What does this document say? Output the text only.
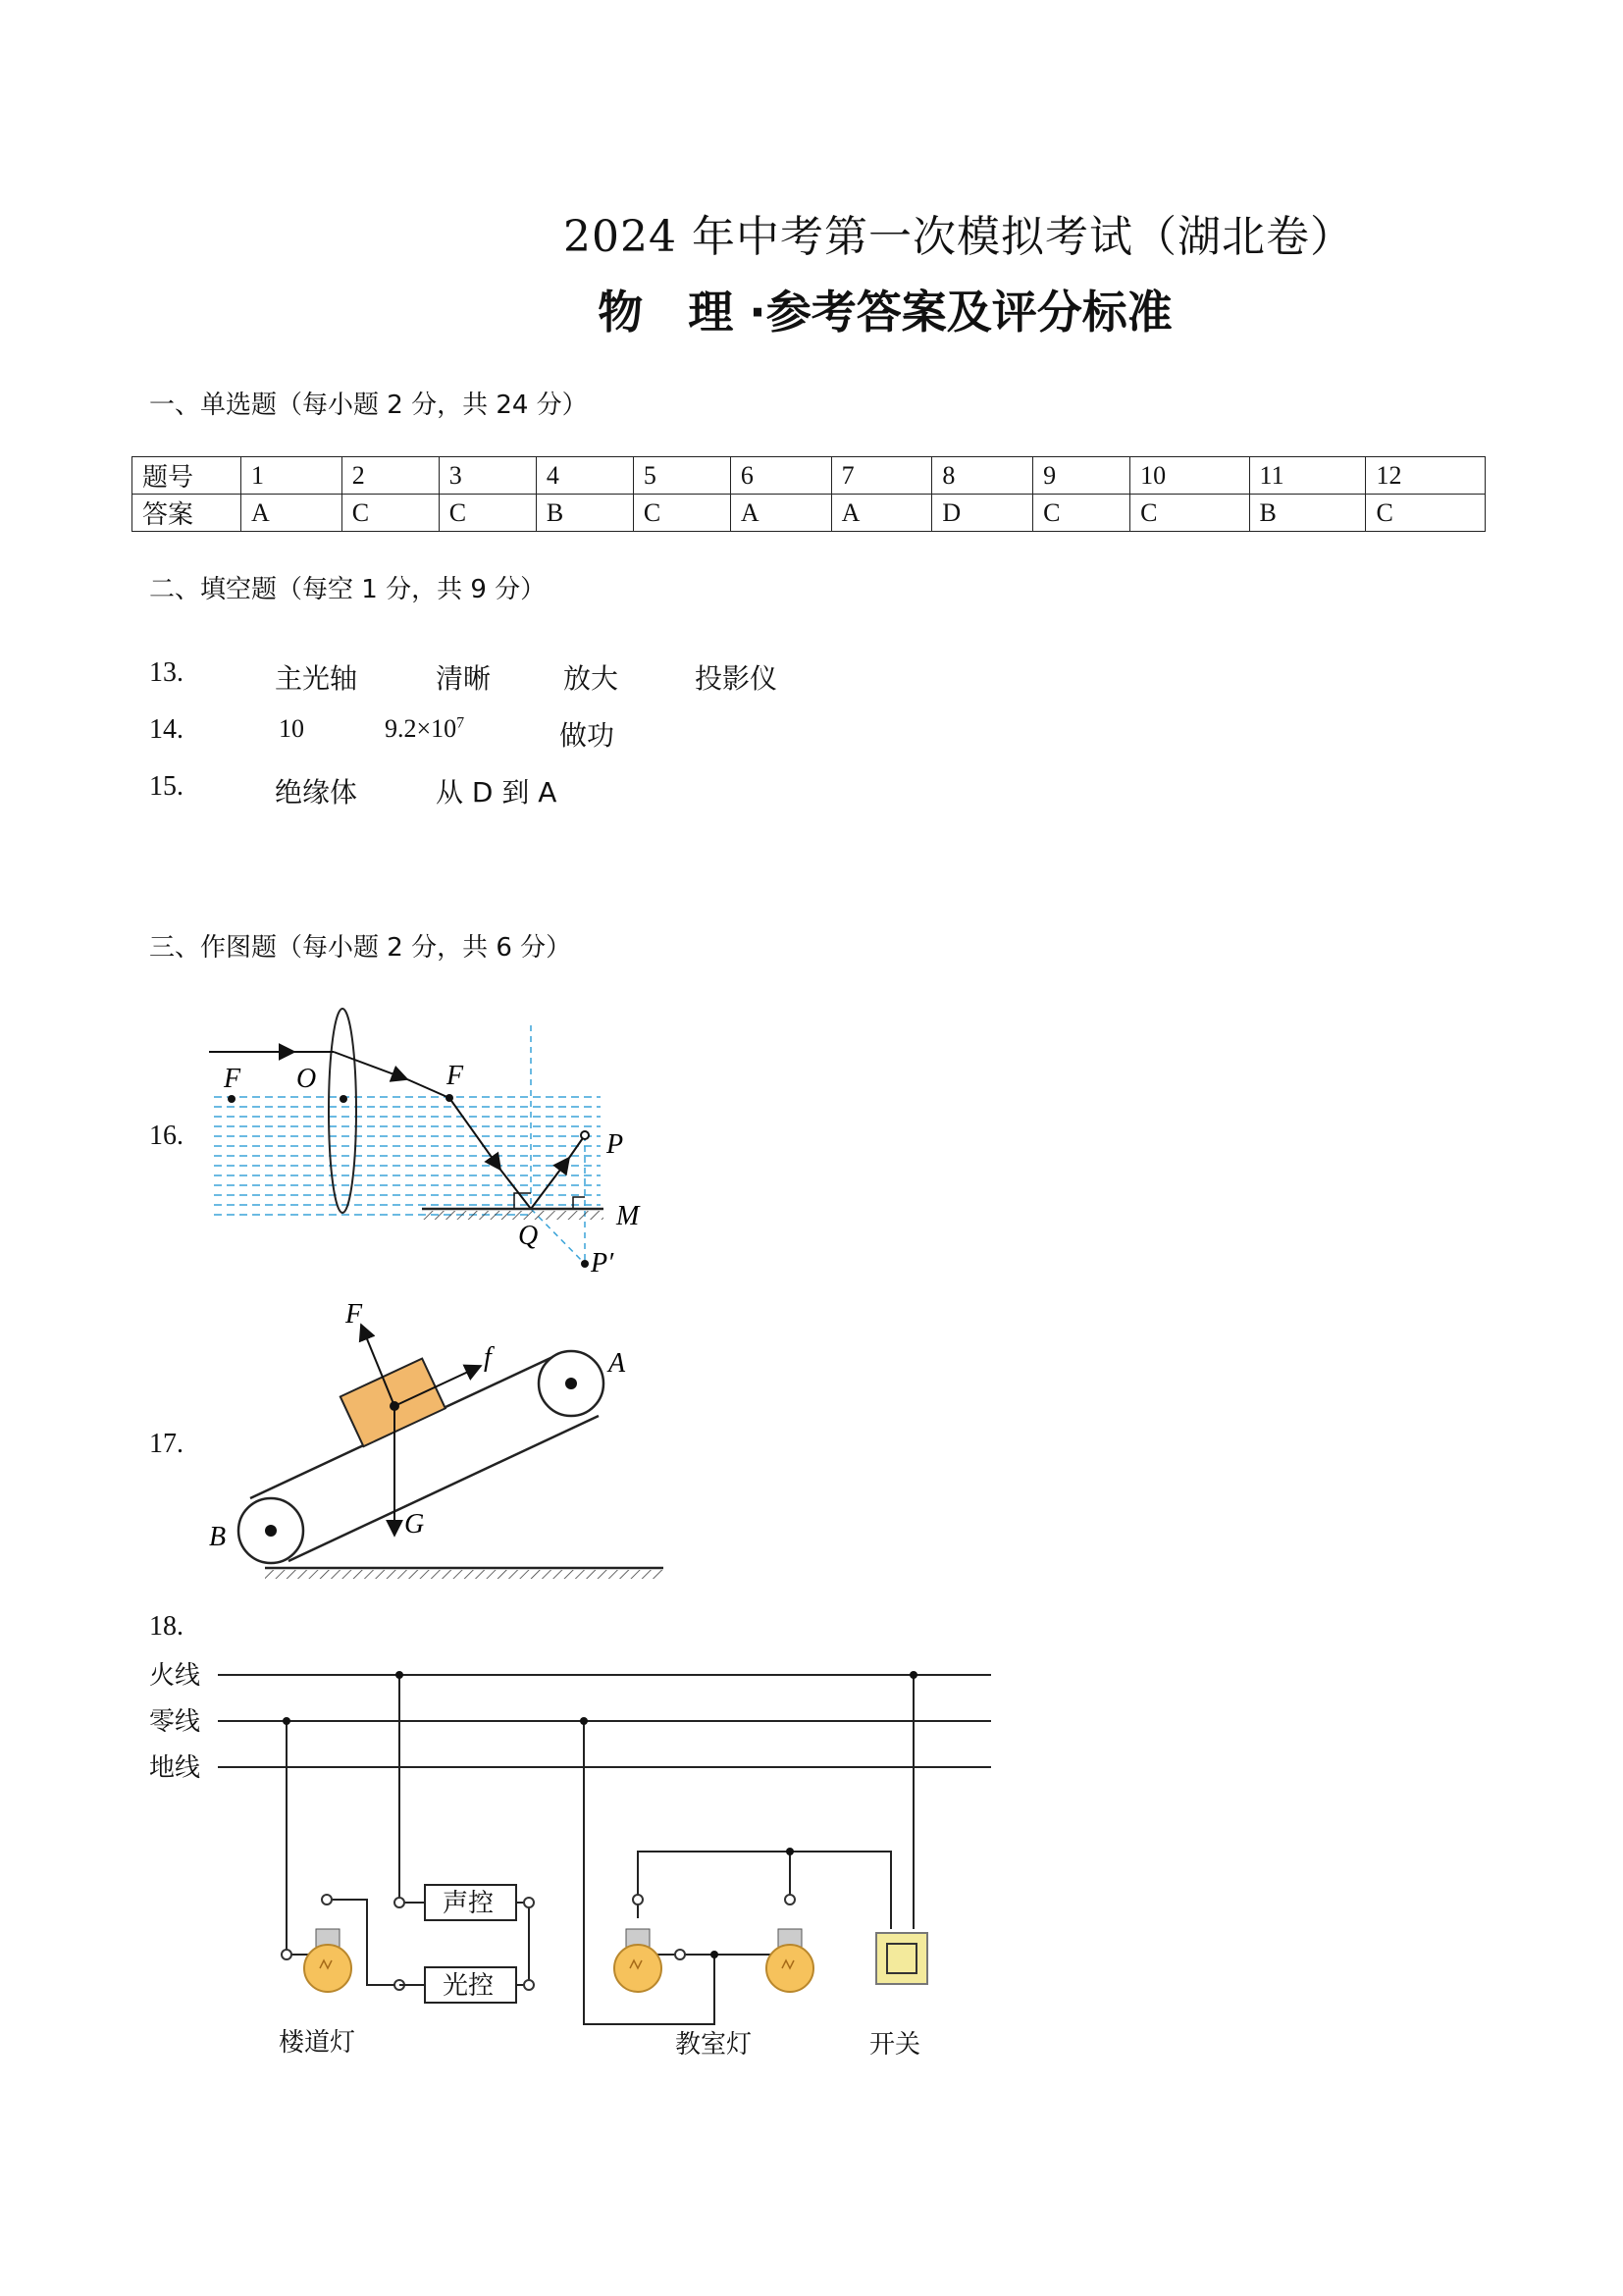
2024 年中考第一次模拟考试（湖北卷）
物　理 ·参考答案及评分标准
一、单选题（每小题 2 分，共 24 分）
题号	1	2	3	4	5	6	7	8	9	10	11	12
答案	A	C	C	B	C	A	A	D	C	C	B	C
二、填空题（每空 1 分，共 9 分）
13.	主光轴	清晰	放大	投影仪
14.	10	$9.2\times 10^7$	做功
15.	绝缘体	从 D 到 A
三、作图题（每小题 2 分，共 6 分）
16.
17.
18.
F O	F
P
M
Q
P′
F
f	A
B	G
火线
零线
地线
声控
光控
楼道灯	教室灯	开关
